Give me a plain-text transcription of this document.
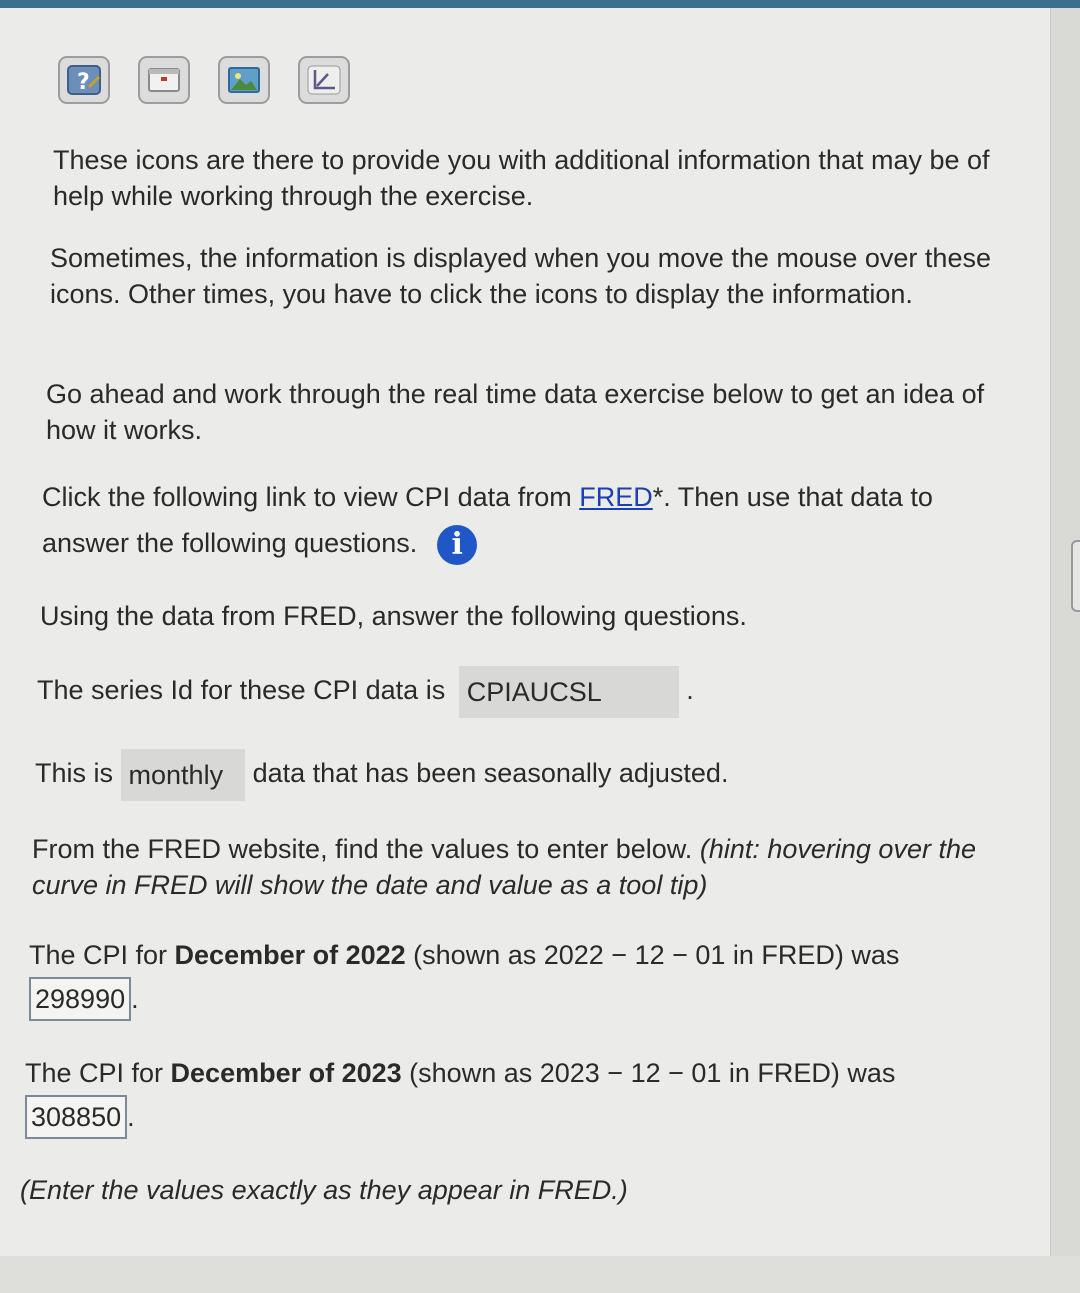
?
These icons are there to provide you with additional information that may be of help while working through the exercise.
Sometimes, the information is displayed when you move the mouse over these icons. Other times, you have to click the icons to display the information.
Go ahead and work through the real time data exercise below to get an idea of how it works.
Click the following link to view CPI data from FRED*. Then use that data to answer the following questions. i
Using the data from FRED, answer the following questions.
The series Id for these CPI data is CPIAUCSL	.
This is monthly data that has been seasonally adjusted.
From the FRED website, find the values to enter below. (hint: hovering over the curve in FRED will show the date and value as a tool tip)
The CPI for December of 2022 (shown as 2022 − 12 − 01 in FRED) was
298990 .
The CPI for December of 2023 (shown as 2023 − 12 − 01 in FRED) was
308850 .
(Enter the values exactly as they appear in FRED.)
